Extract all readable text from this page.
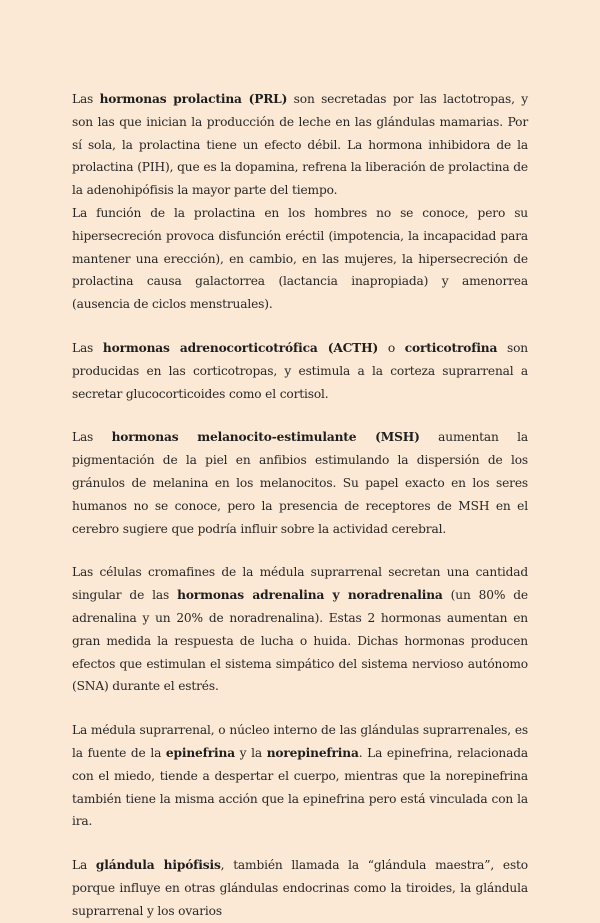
Las hormonas prolactina (PRL) son secretadas por las lactotropas, y son las que inician la producción de leche en las glándulas mamarias. Por sí sola, la prolactina tiene un efecto débil. La hormona inhibidora de la prolactina (PIH), que es la dopamina, refrena la liberación de prolactina de la adenohipófisis la mayor parte del tiempo.

La función de la prolactina en los hombres no se conoce, pero su hipersecreción provoca disfunción eréctil (impotencia, la incapacidad para mantener una erección), en cambio, en las mujeres, la hipersecreción de prolactina causa galactorrea (lactancia inapropiada) y amenorrea (ausencia de ciclos menstruales).

Las hormonas adrenocorticotrófica (ACTH) o corticotrofina son producidas en las corticotropas, y estimula a la corteza suprarrenal a secretar glucocorticoides como el cortisol.

Las hormonas melanocito-estimulante (MSH) aumentan la pigmentación de la piel en anfibios estimulando la dispersión de los gránulos de melanina en los melanocitos. Su papel exacto en los seres humanos no se conoce, pero la presencia de receptores de MSH en el cerebro sugiere que podría influir sobre la actividad cerebral.

Las células cromafines de la médula suprarrenal secretan una cantidad singular de las hormonas adrenalina y noradrenalina (un 80% de adrenalina y un 20% de noradrenalina). Estas 2 hormonas aumentan en gran medida la respuesta de lucha o huida. Dichas hormonas producen efectos que estimulan el sistema simpático del sistema nervioso autónomo (SNA) durante el estrés.

La médula suprarrenal, o núcleo interno de las glándulas suprarrenales, es la fuente de la epinefrina y la norepinefrina. La epinefrina, relacionada con el miedo, tiende a despertar el cuerpo, mientras que la norepinefrina también tiene la misma acción que la epinefrina pero está vinculada con la ira.

La glándula hipófisis, también llamada la “glándula maestra”, esto porque influye en otras glándulas endocrinas como la tiroides, la glándula suprarrenal y los ovarios
